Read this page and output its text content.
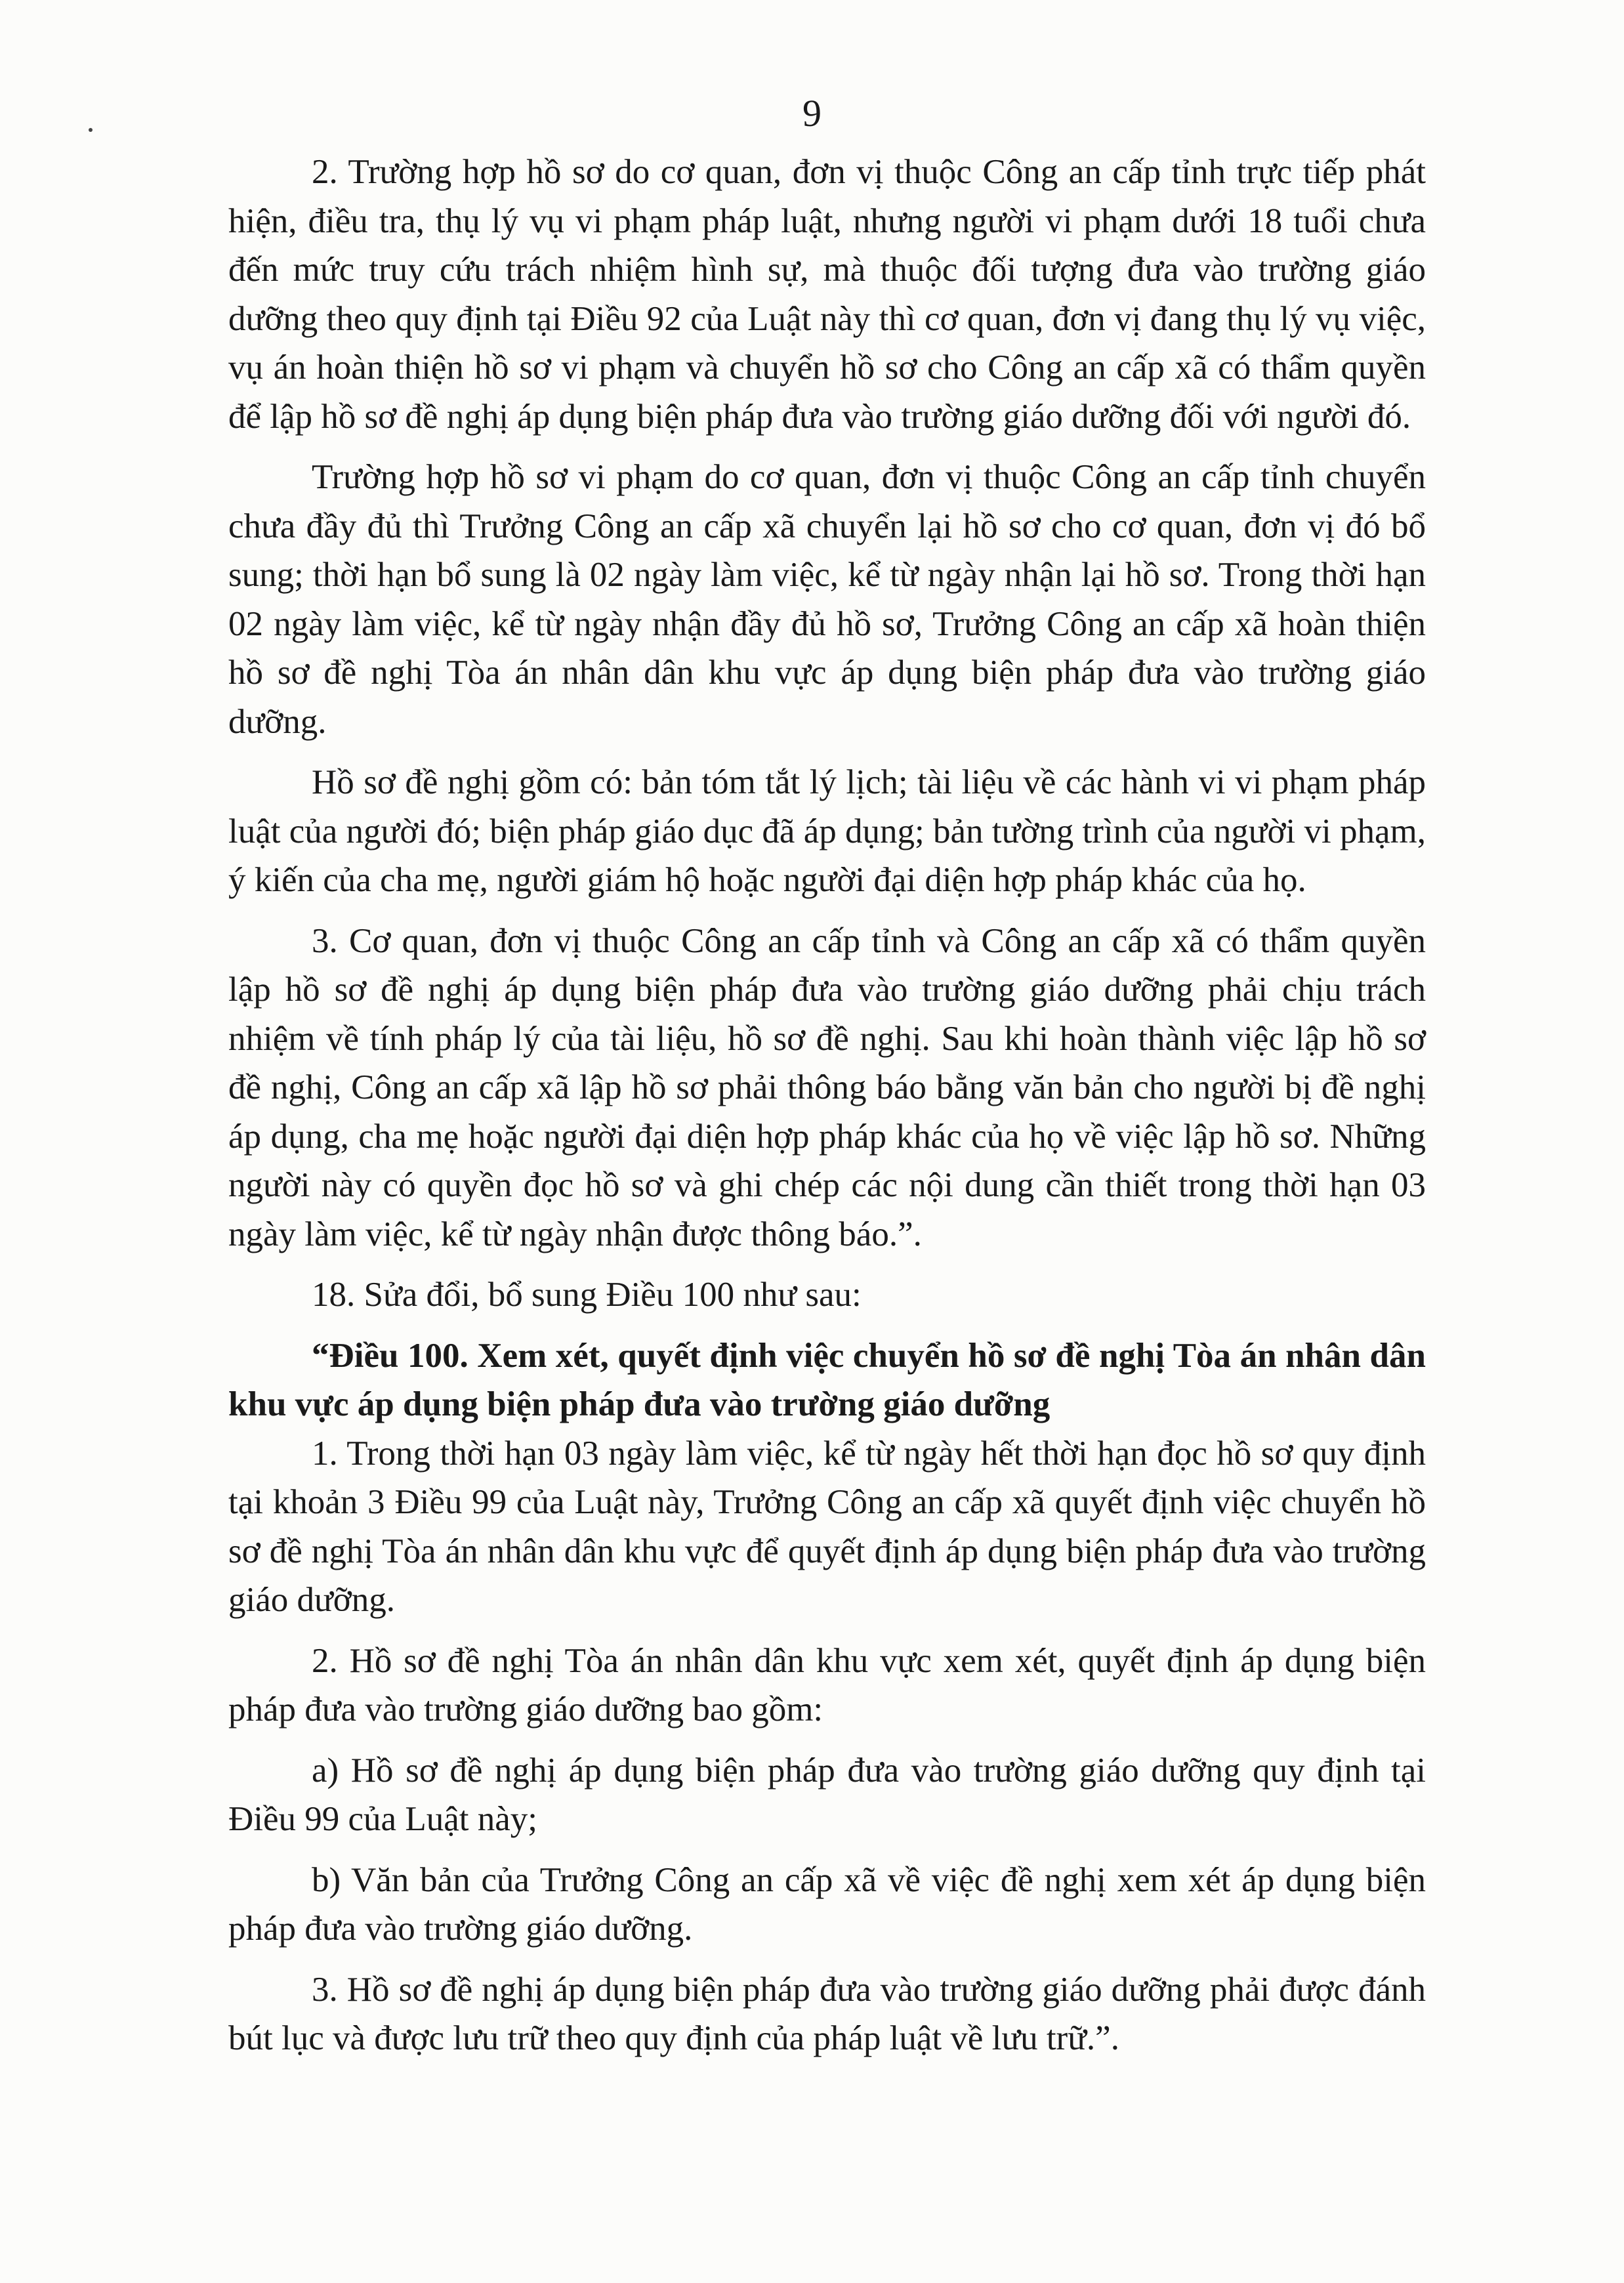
9

2. Trường hợp hồ sơ do cơ quan, đơn vị thuộc Công an cấp tỉnh trực tiếp phát hiện, điều tra, thụ lý vụ vi phạm pháp luật, nhưng người vi phạm dưới 18 tuổi chưa đến mức truy cứu trách nhiệm hình sự, mà thuộc đối tượng đưa vào trường giáo dưỡng theo quy định tại Điều 92 của Luật này thì cơ quan, đơn vị đang thụ lý vụ việc, vụ án hoàn thiện hồ sơ vi phạm và chuyển hồ sơ cho Công an cấp xã có thẩm quyền để lập hồ sơ đề nghị áp dụng biện pháp đưa vào trường giáo dưỡng đối với người đó.

Trường hợp hồ sơ vi phạm do cơ quan, đơn vị thuộc Công an cấp tỉnh chuyển chưa đầy đủ thì Trưởng Công an cấp xã chuyển lại hồ sơ cho cơ quan, đơn vị đó bổ sung; thời hạn bổ sung là 02 ngày làm việc, kể từ ngày nhận lại hồ sơ. Trong thời hạn 02 ngày làm việc, kể từ ngày nhận đầy đủ hồ sơ, Trưởng Công an cấp xã hoàn thiện hồ sơ đề nghị Tòa án nhân dân khu vực áp dụng biện pháp đưa vào trường giáo dưỡng.

Hồ sơ đề nghị gồm có: bản tóm tắt lý lịch; tài liệu về các hành vi vi phạm pháp luật của người đó; biện pháp giáo dục đã áp dụng; bản tường trình của người vi phạm, ý kiến của cha mẹ, người giám hộ hoặc người đại diện hợp pháp khác của họ.

3. Cơ quan, đơn vị thuộc Công an cấp tỉnh và Công an cấp xã có thẩm quyền lập hồ sơ đề nghị áp dụng biện pháp đưa vào trường giáo dưỡng phải chịu trách nhiệm về tính pháp lý của tài liệu, hồ sơ đề nghị. Sau khi hoàn thành việc lập hồ sơ đề nghị, Công an cấp xã lập hồ sơ phải thông báo bằng văn bản cho người bị đề nghị áp dụng, cha mẹ hoặc người đại diện hợp pháp khác của họ về việc lập hồ sơ. Những người này có quyền đọc hồ sơ và ghi chép các nội dung cần thiết trong thời hạn 03 ngày làm việc, kể từ ngày nhận được thông báo.”.

18. Sửa đổi, bổ sung Điều 100 như sau:

“Điều 100. Xem xét, quyết định việc chuyển hồ sơ đề nghị Tòa án nhân dân khu vực áp dụng biện pháp đưa vào trường giáo dưỡng

1. Trong thời hạn 03 ngày làm việc, kể từ ngày hết thời hạn đọc hồ sơ quy định tại khoản 3 Điều 99 của Luật này, Trưởng Công an cấp xã quyết định việc chuyển hồ sơ đề nghị Tòa án nhân dân khu vực để quyết định áp dụng biện pháp đưa vào trường giáo dưỡng.

2. Hồ sơ đề nghị Tòa án nhân dân khu vực xem xét, quyết định áp dụng biện pháp đưa vào trường giáo dưỡng bao gồm:

a) Hồ sơ đề nghị áp dụng biện pháp đưa vào trường giáo dưỡng quy định tại Điều 99 của Luật này;

b) Văn bản của Trưởng Công an cấp xã về việc đề nghị xem xét áp dụng biện pháp đưa vào trường giáo dưỡng.

3. Hồ sơ đề nghị áp dụng biện pháp đưa vào trường giáo dưỡng phải được đánh bút lục và được lưu trữ theo quy định của pháp luật về lưu trữ.”.
